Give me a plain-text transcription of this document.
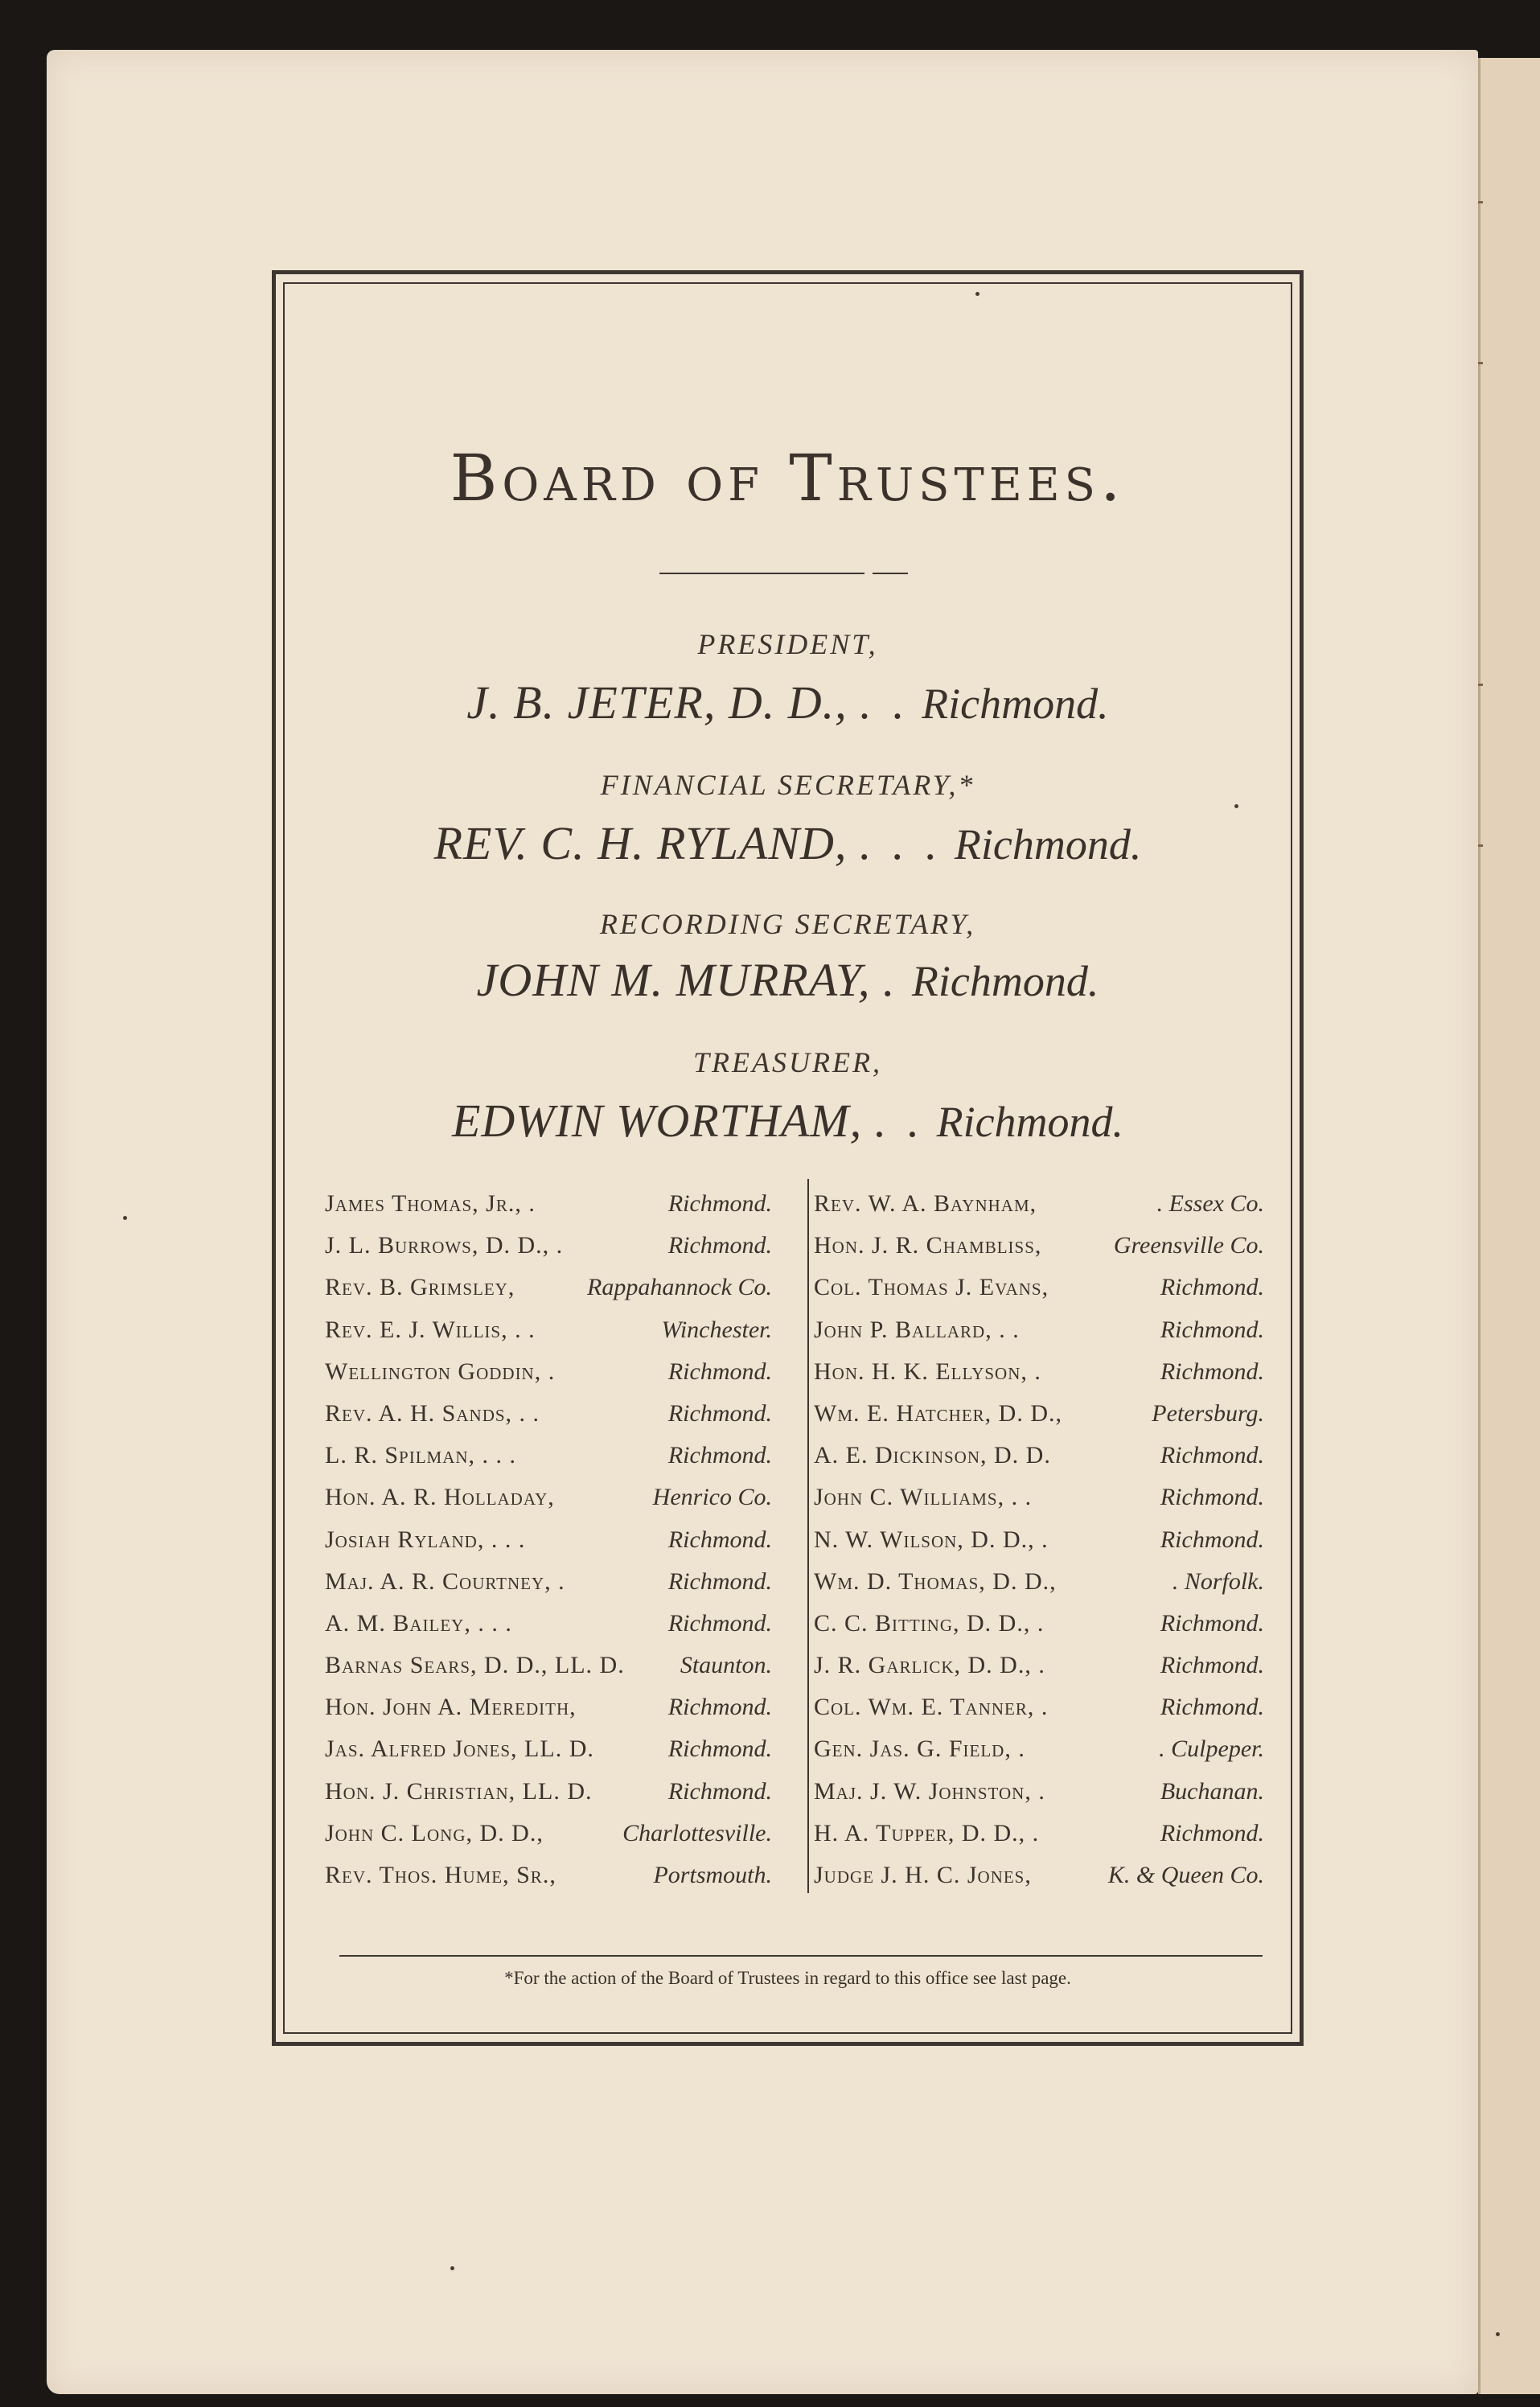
Board of Trustees.
PRESIDENT,
J. B. JETER, D. D., . . Richmond.
FINANCIAL SECRETARY,*
REV. C. H. RYLAND, . . . Richmond.
RECORDING SECRETARY,
JOHN M. MURRAY, . Richmond.
TREASURER,
EDWIN WORTHAM, . . Richmond.
James Thomas, Jr., .	Richmond.
J. L. Burrows, D. D., .	Richmond.
Rev. B. Grimsley,	Rappahannock Co.
Rev. E. J. Willis, . .	Winchester.
Wellington Goddin, .	Richmond.
Rev. A. H. Sands, . .	Richmond.
L. R. Spilman, . . .	Richmond.
Hon. A. R. Holladay,	Henrico Co.
Josiah Ryland, . . .	Richmond.
Maj. A. R. Courtney, .	Richmond.
A. M. Bailey, . . .	Richmond.
Barnas Sears, D. D., LL. D. Staunton.
Hon. John A. Meredith,	Richmond.
Jas. Alfred Jones, LL. D.	Richmond.
Hon. J. Christian, LL. D.	Richmond.
John C. Long, D. D.,	Charlottesville.
Rev. Thos. Hume, Sr.,	Portsmouth.
Rev. W. A. Baynham,	. Essex Co.
Hon. J. R. Chambliss,	Greensville Co.
Col. Thomas J. Evans,	Richmond.
John P. Ballard, . .	Richmond.
Hon. H. K. Ellyson, .	Richmond.
Wm. E. Hatcher, D. D.,	Petersburg.
A. E. Dickinson, D. D.	Richmond.
John C. Williams, . .	Richmond.
N. W. Wilson, D. D., .	Richmond.
Wm. D. Thomas, D. D.,	. Norfolk.
C. C. Bitting, D. D., .	Richmond.
J. R. Garlick, D. D., .	Richmond.
Col. Wm. E. Tanner, .	Richmond.
Gen. Jas. G. Field, .	. Culpeper.
Maj. J. W. Johnston, .	Buchanan.
H. A. Tupper, D. D., .	Richmond.
Judge J. H. C. Jones,	K. & Queen Co.
*For the action of the Board of Trustees in regard to this office see last page.
